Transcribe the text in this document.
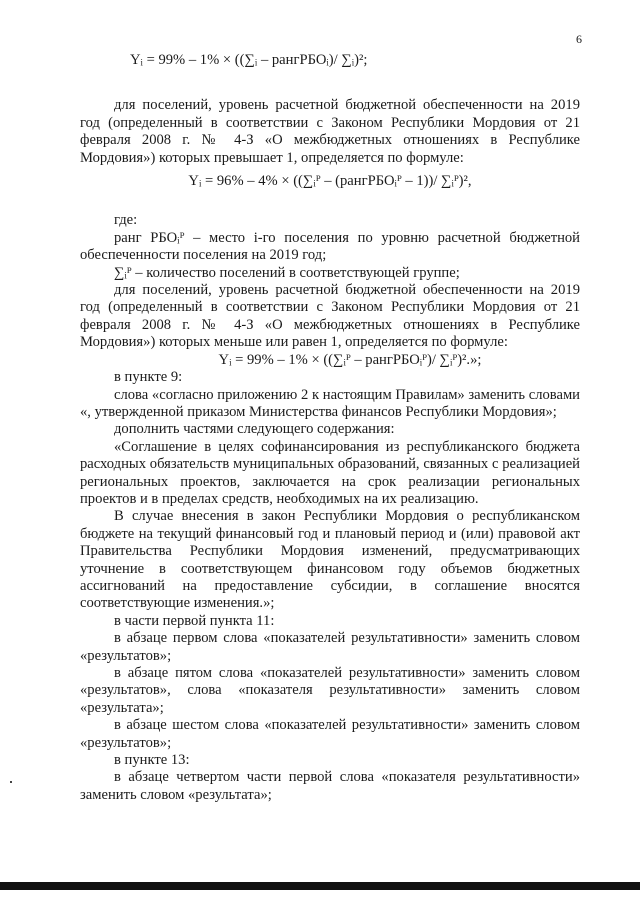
6

Yᵢ = 99% – 1% × ((∑ᵢ – рангРБОᵢ)/ ∑ᵢ)²;

для поселений, уровень расчетной бюджетной обеспеченности на 2019 год (определенный в соответствии с Законом Республики Мордовия от 21 февраля 2008 г. № 4-З «О межбюджетных отношениях в Республике Мордовия») которых превышает 1, определяется по формуле:

Yᵢ = 96% – 4% × ((∑ᵢᴾ – (рангРБОᵢᴾ – 1))/ ∑ᵢᴾ)²,

где:

ранг РБОᵢᴾ – место i-го поселения по уровню расчетной бюджетной обеспеченности поселения на 2019 год;

∑ᵢᴾ – количество поселений в соответствующей группе;

для поселений, уровень расчетной бюджетной обеспеченности на 2019 год (определенный в соответствии с Законом Республики Мордовия от 21 февраля 2008 г. № 4-З «О межбюджетных отношениях в Республике Мордовия») которых меньше или равен 1, определяется по формуле:

Yᵢ = 99% – 1% × ((∑ᵢᴾ – рангРБОᵢᴾ)/ ∑ᵢᴾ)².»;

в пункте 9:

слова «согласно приложению 2 к настоящим Правилам» заменить словами «, утвержденной приказом Министерства финансов Республики Мордовия»;

дополнить частями следующего содержания:

«Соглашение в целях софинансирования из республиканского бюджета расходных обязательств муниципальных образований, связанных с реализацией региональных проектов, заключается на срок реализации региональных проектов и в пределах средств, необходимых на их реализацию.

В случае внесения в закон Республики Мордовия о республиканском бюджете на текущий финансовый год и плановый период и (или) правовой акт Правительства Республики Мордовия изменений, предусматривающих уточнение в соответствующем финансовом году объемов бюджетных ассигнований на предоставление субсидии, в соглашение вносятся соответствующие изменения.»;

в части первой пункта 11:

в абзаце первом слова «показателей результативности» заменить словом «результатов»;

в абзаце пятом слова «показателей результативности» заменить словом «результатов», слова «показателя результативности» заменить словом «результата»;

в абзаце шестом слова «показателей результативности» заменить словом «результатов»;

в пункте 13:

в абзаце четвертом части первой слова «показателя результативности» заменить словом «результата»;
